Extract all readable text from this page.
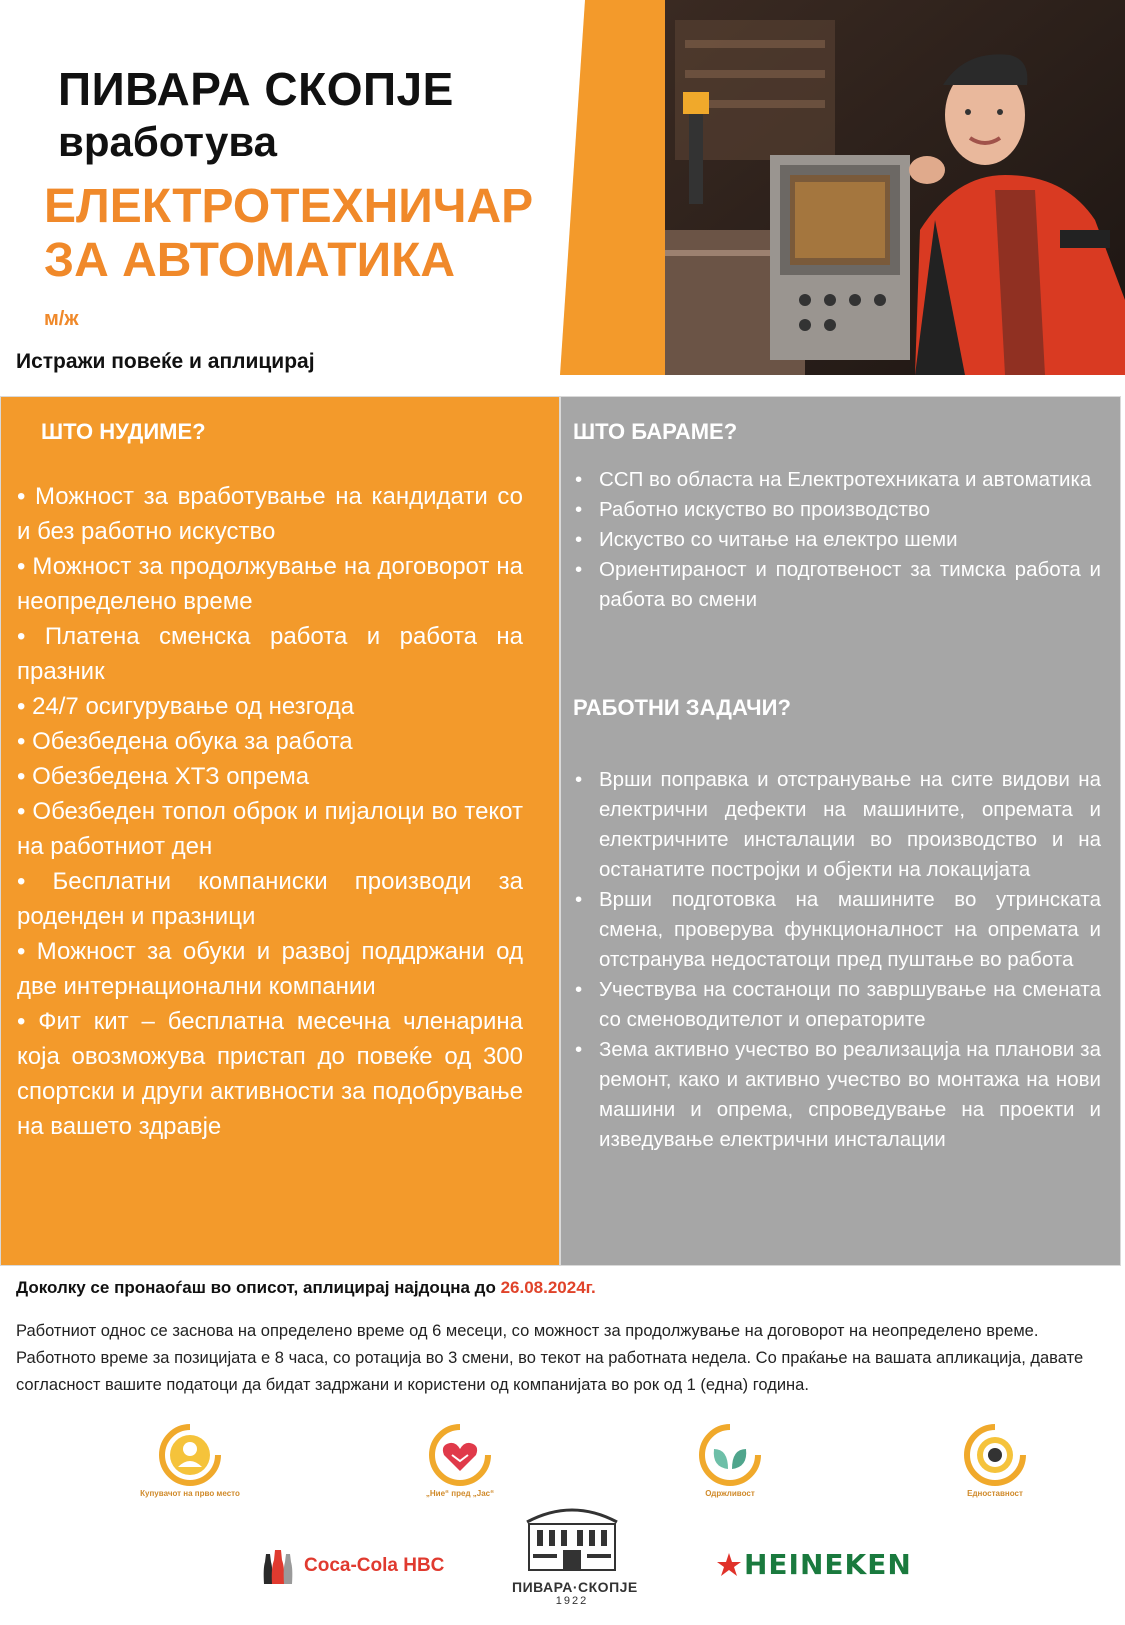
ПИВАРА СКОПЈЕ
вработува
ЕЛЕКТРОТЕХНИЧАР
ЗА АВТОМАТИКА
м/ж
Истражи повеќе и аплицирај
ШТО НУДИМЕ?
• Можност за вработување на кандидати со и без работно искуство
• Можност за продолжување на договорот на неопределено време
• Платена сменска работа и работа на празник
• 24/7 осигурување од незгода
• Обезбедена обука за работа
• Обезбедена ХТЗ опрема
• Обезбеден топол оброк и пијалоци во текот на работниот ден
• Бесплатни компаниски производи за роденден и празници
• Можност за обуки и развој поддржани од две интернационални компании
• Фит кит – бесплатна месечна членарина која овозможува пристап до повеќе од 300 спортски и други активности за подобрување на вашето здравје
ШТО БАРАМЕ?
• ССП во областа на Електротехниката и автоматика
• Работно искуство во производство
• Искуство со читање на електро шеми
• Ориентираност и подготвеност за тимска работа и работа во смени
РАБОТНИ ЗАДАЧИ?
• Врши поправка и отстранување на сите видови на електрични дефекти на машините, опремата и електричните инсталации во производство и на останатите постројки и објекти на локацијата
• Врши подготовка на машините во утринската смена, проверува функционалност на опремата и отстранува недостатоци пред пуштање во работа
• Учествува на состаноци по завршување на смената со сменоводителот и операторите
• Зема активно учество во реализација на планови за ремонт, како и активно учество во монтажа на нови машини и опрема, спроведување на проекти и изведување електрични инсталации
Доколку се пронаоѓаш во описот, аплицирај најдоцна до 26.08.2024г.
Работниот однос се заснова на определено време од 6 месеци, со можност за продолжување на договорот на неопределено време. Работното време за позицијата е 8 часа, со ротација во 3 смени, во текот на работната недела. Со праќање на вашата апликација, давате согласност вашите податоци да бидат задржани и користени од компанијата во рок од 1 (една) година.
Купувачот на прво место	„Ние“ пред „Јас“	Одржливост	Едноставност
Coca-Cola HBC
ПИВАРА·СКОПЈЕ
1922
HEINEKEN
